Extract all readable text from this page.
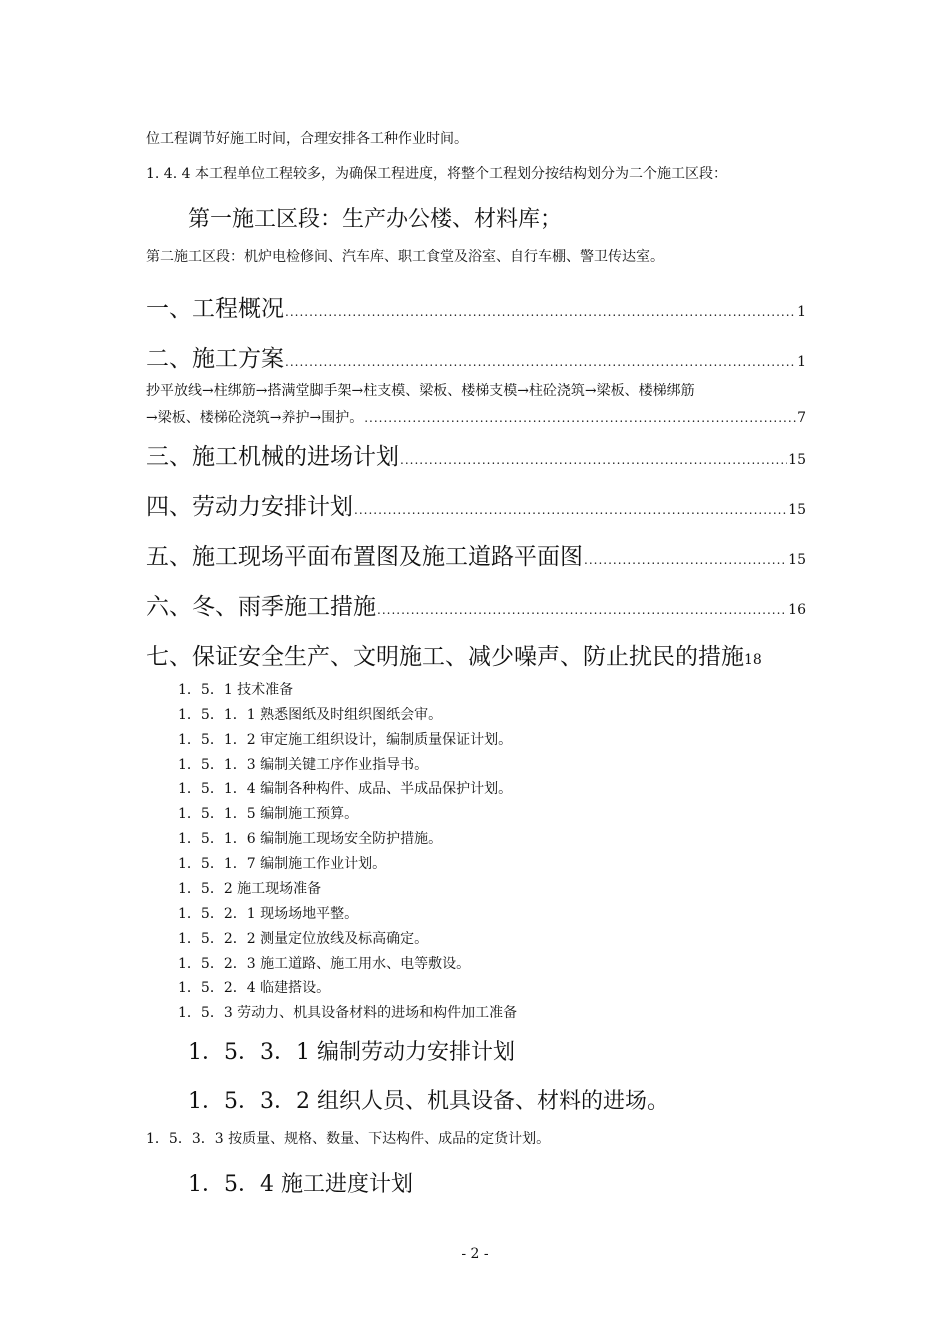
位工程调节好施工时间，合理安排各工种作业时间。
1. 4. 4 本工程单位工程较多，为确保工程进度，将整个工程划分按结构划分为二个施工区段：
第一施工区段：生产办公楼、材料库；
第二施工区段：机炉电检修间、汽车库、职工食堂及浴室、自行车棚、警卫传达室。
一、工程概况 .....	1
二、施工方案 .....	1
抄平放线→柱绑筋→搭满堂脚手架→柱支模、梁板、楼梯支模→柱砼浇筑→梁板、楼梯绑筋
→梁板、楼梯砼浇筑→养护→围护。 .....	7
三、施工机械的进场计划 .....	15
四、劳动力安排计划 .....	15
五、施工现场平面布置图及施工道路平面图 .....	15
六、冬、雨季施工措施 .....	16
七、保证安全生产、文明施工、减少噪声、防止扰民的措施 18
1．5．1 技术准备
1．5．1．1 熟悉图纸及时组织图纸会审。
1．5．1．2 审定施工组织设计，编制质量保证计划。
1．5．1．3 编制关键工序作业指导书。
1．5．1．4 编制各种构件、成品、半成品保护计划。
1．5．1．5 编制施工预算。
1．5．1．6 编制施工现场安全防护措施。
1．5．1．7 编制施工作业计划。
1．5．2 施工现场准备
1．5．2．1 现场场地平整。
1．5．2．2 测量定位放线及标高确定。
1．5．2．3 施工道路、施工用水、电等敷设。
1．5．2．4 临建搭设。
1．5．3 劳动力、机具设备材料的进场和构件加工准备
1．5．3．1 编制劳动力安排计划
1．5．3．2 组织人员、机具设备、材料的进场。
1．5．3．3 按质量、规格、数量、下达构件、成品的定货计划。
1．5．4 施工进度计划
- 2 -
